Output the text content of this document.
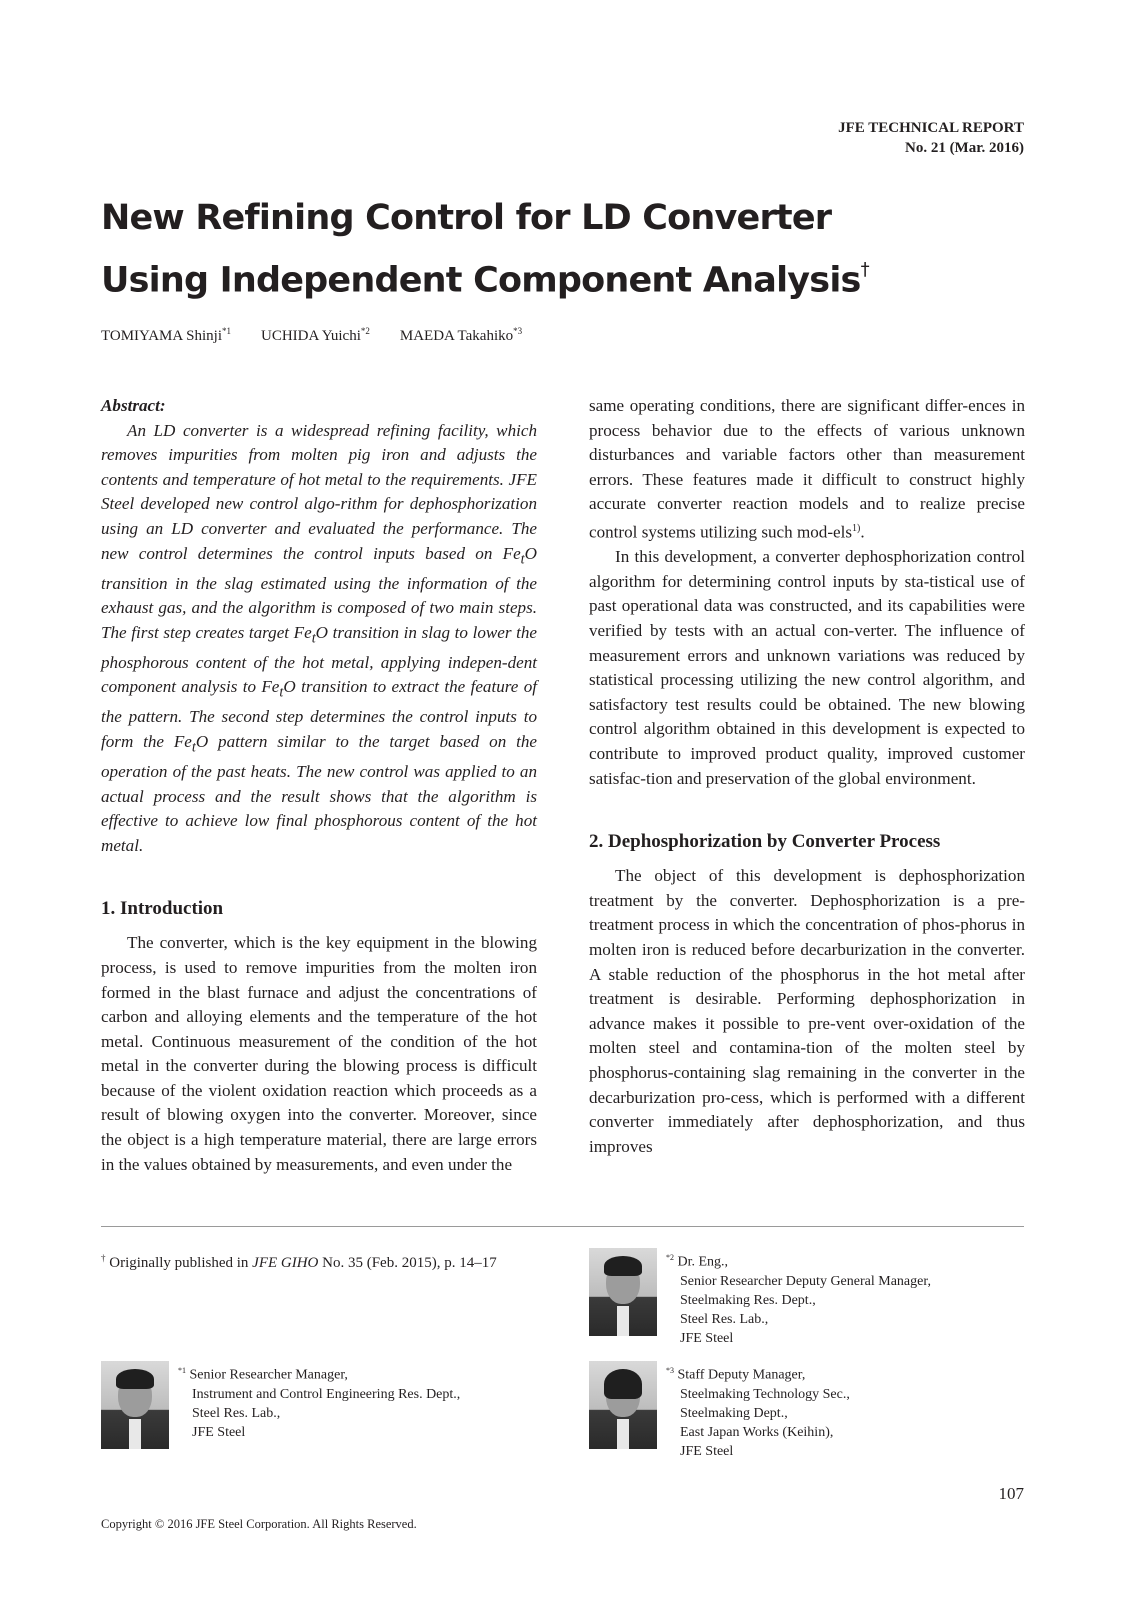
JFE TECHNICAL REPORT
No. 21 (Mar. 2016)
New Refining Control for LD Converter
Using Independent Component Analysis†
TOMIYAMA Shinji$^{*1}$ UCHIDA Yuichi$^{*2}$ MAEDA Takahiko$^{*3}$
Abstract:

An LD converter is a widespread refining facility, which removes impurities from molten pig iron and adjusts the contents and temperature of hot metal to the requirements. JFE Steel developed new control algo-rithm for dephosphorization using an LD converter and evaluated the performance. The new control determines the control inputs based on $Fe_tO$ transition in the slag estimated using the information of the exhaust gas, and the algorithm is composed of two main steps. The first step creates target $Fe_tO$ transition in slag to lower the phosphorous content of the hot metal, applying indepen-dent component analysis to $Fe_tO$ transition to extract the feature of the pattern. The second step determines the control inputs to form the $Fe_tO$ pattern similar to the target based on the operation of the past heats. The new control was applied to an actual process and the result shows that the algorithm is effective to achieve low final phosphorous content of the hot metal.

1. Introduction

The converter, which is the key equipment in the blowing process, is used to remove impurities from the molten iron formed in the blast furnace and adjust the concentrations of carbon and alloying elements and the temperature of the hot metal. Continuous measurement of the condition of the hot metal in the converter during the blowing process is difficult because of the violent oxidation reaction which proceeds as a result of blowing oxygen into the converter. Moreover, since the object is a high temperature material, there are large errors in the values obtained by measurements, and even under the

same operating conditions, there are significant differ-ences in process behavior due to the effects of various unknown disturbances and variable factors other than measurement errors. These features made it difficult to construct highly accurate converter reaction models and to realize precise control systems utilizing such mod-els$^{1)}$.

In this development, a converter dephosphorization control algorithm for determining control inputs by sta-tistical use of past operational data was constructed, and its capabilities were verified by tests with an actual con-verter. The influence of measurement errors and unknown variations was reduced by statistical processing utilizing the new control algorithm, and satisfactory test results could be obtained. The new blowing control algorithm obtained in this development is expected to contribute to improved product quality, improved customer satisfac-tion and preservation of the global environment.

2. Dephosphorization by Converter Process

The object of this development is dephosphorization treatment by the converter. Dephosphorization is a pre-treatment process in which the concentration of phos-phorus in molten iron is reduced before decarburization in the converter. A stable reduction of the phosphorus in the hot metal after treatment is desirable. Performing dephosphorization in advance makes it possible to pre-vent over-oxidation of the molten steel and contamina-tion of the molten steel by phosphorus-containing slag remaining in the converter in the decarburization pro-cess, which is performed with a different converter immediately after dephosphorization, and thus improves

† Originally published in JFE GIHO No. 35 (Feb. 2015), p. 14–17
$^{*1}$ Senior Researcher Manager,
Instrument and Control Engineering Res. Dept.,
Steel Res. Lab.,
JFE Steel
$^{*2}$ Dr. Eng.,
Senior Researcher Deputy General Manager,
Steelmaking Res. Dept.,
Steel Res. Lab.,
JFE Steel
$^{*3}$ Staff Deputy Manager,
Steelmaking Technology Sec.,
Steelmaking Dept.,
East Japan Works (Keihin),
JFE Steel
107
Copyright © 2016 JFE Steel Corporation. All Rights Reserved.
